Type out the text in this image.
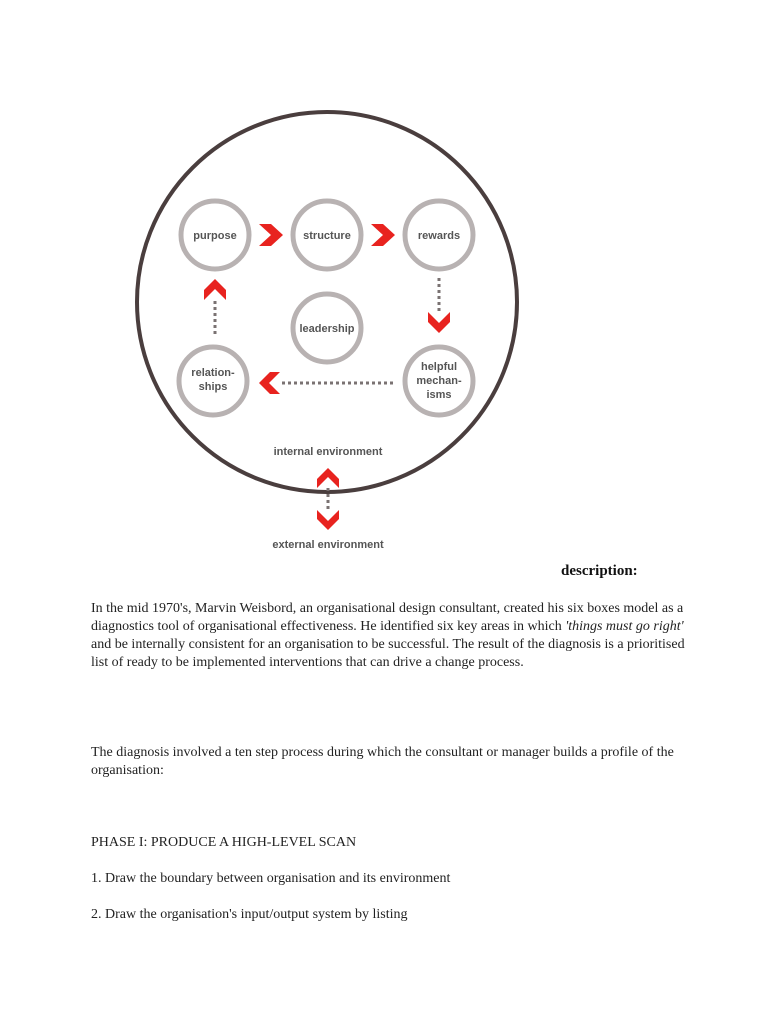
purpose	structure	rewards
leadership
relation-
ships
helpful
mechan-
isms
internal environment
external environment
description:

In the mid 1970's, Marvin Weisbord, an organisational design consultant, created his six boxes model as a diagnostics tool of organisational effectiveness. He identified six key areas in which 'things must go right' and be internally consistent for an organisation to be successful. The result of the diagnosis is a prioritised list of ready to be implemented interventions that can drive a change process.

The diagnosis involved a ten step process during which the consultant or manager builds a profile of the organisation:

PHASE I: PRODUCE A HIGH-LEVEL SCAN

1. Draw the boundary between organisation and its environment

2. Draw the organisation's input/output system by listing
